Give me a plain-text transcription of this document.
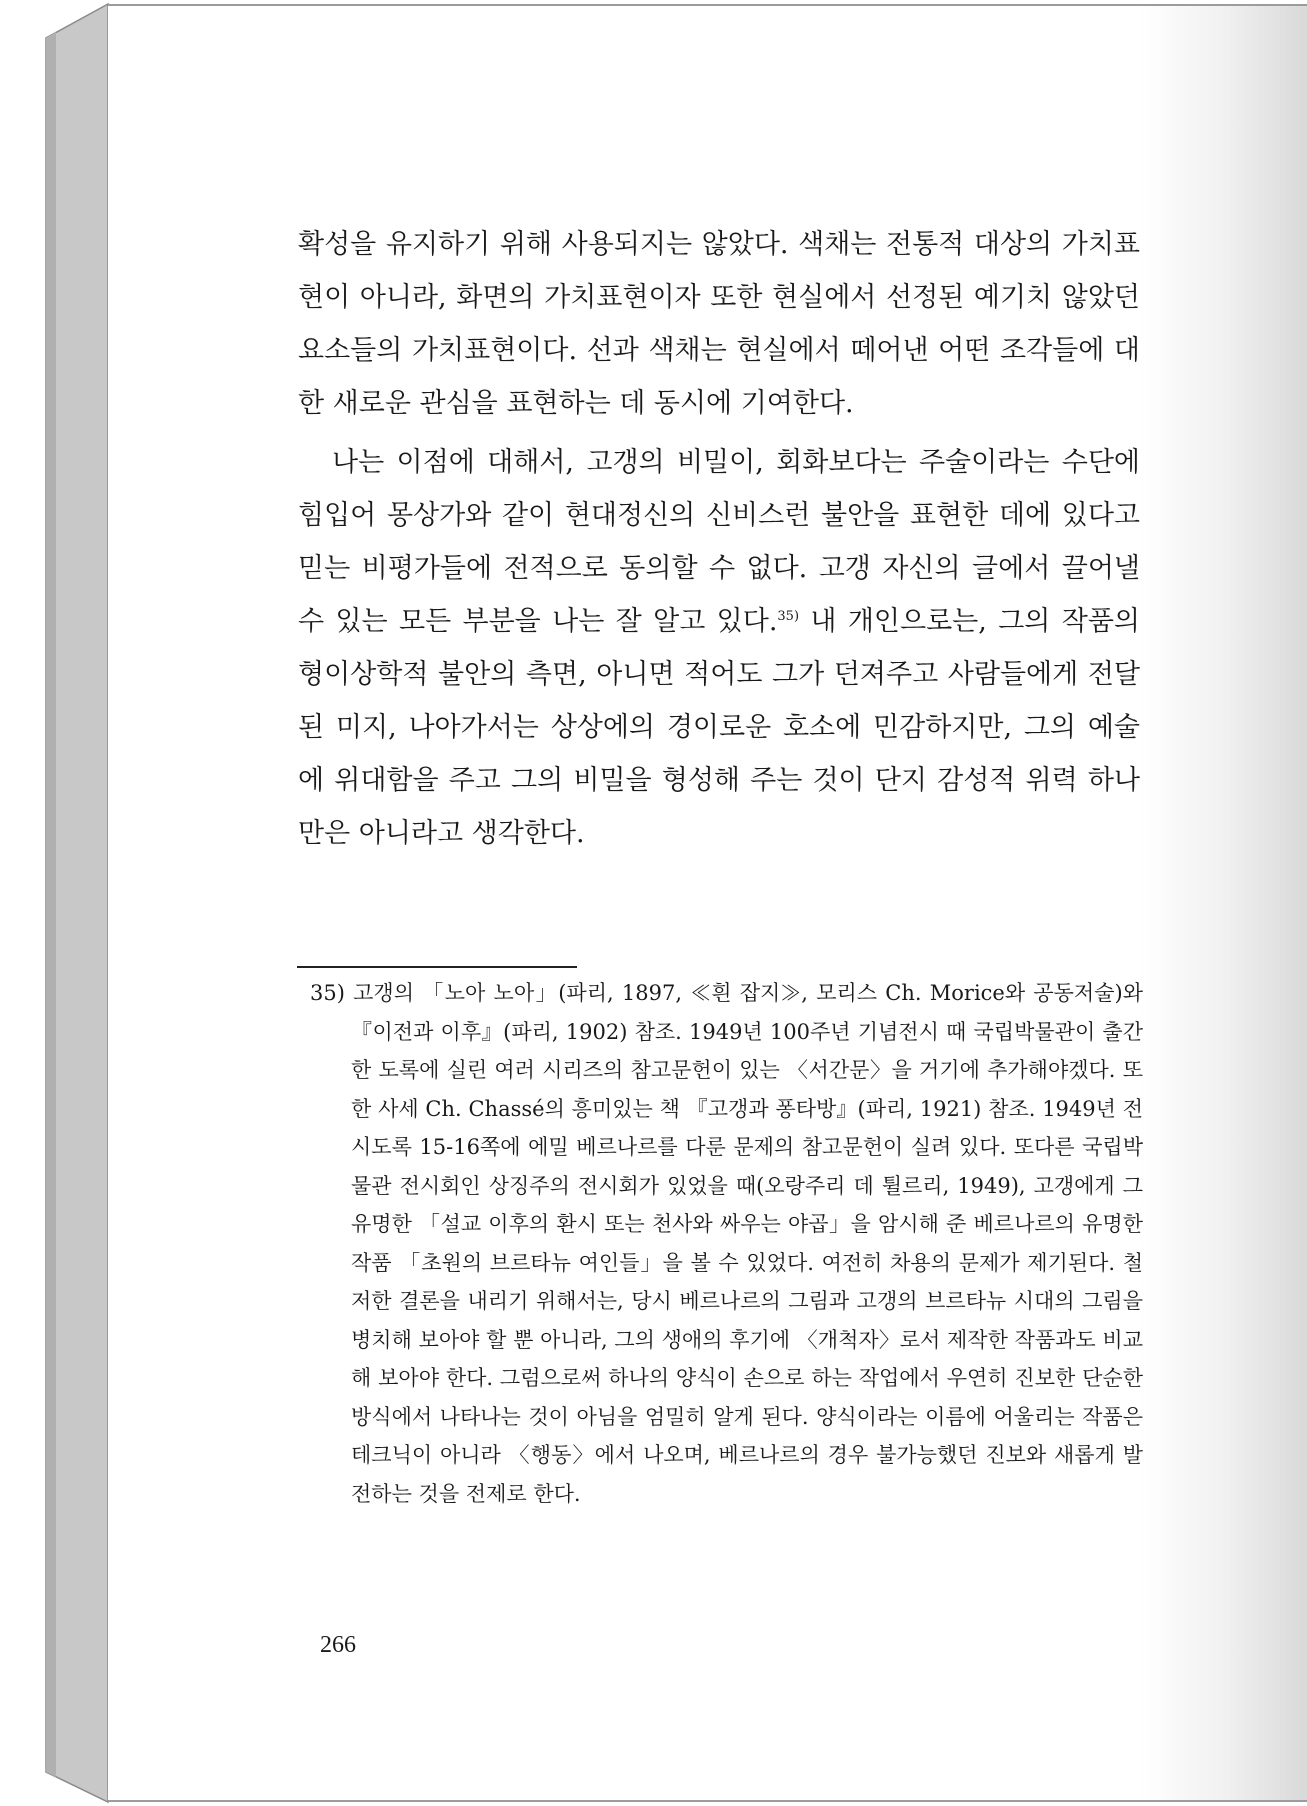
확성을 유지하기 위해 사용되지는 않았다. 색채는 전통적 대상의 가치표현이 아니라, 화면의 가치표현이자 또한 현실에서 선정된 예기치 않았던 요소들의 가치표현이다. 선과 색채는 현실에서 떼어낸 어떤 조각들에 대한 새로운 관심을 표현하는 데 동시에 기여한다.

나는 이점에 대해서, 고갱의 비밀이, 회화보다는 주술이라는 수단에 힘입어 몽상가와 같이 현대정신의 신비스런 불안을 표현한 데에 있다고 믿는 비평가들에 전적으로 동의할 수 없다. 고갱 자신의 글에서 끌어낼 수 있는 모든 부분을 나는 잘 알고 있다.$^{35)}$ 내 개인으로는, 그의 작품의 형이상학적 불안의 측면, 아니면 적어도 그가 던져주고 사람들에게 전달된 미지, 나아가서는 상상에의 경이로운 호소에 민감하지만, 그의 예술에 위대함을 주고 그의 비밀을 형성해 주는 것이 단지 감성적 위력 하나만은 아니라고 생각한다.

35) 고갱의 「노아 노아」(파리, 1897, ≪흰 잡지≫, 모리스 Ch. Morice와 공동저술)와 『이전과 이후』(파리, 1902) 참조. 1949년 100주년 기념전시 때 국립박물관이 출간한 도록에 실린 여러 시리즈의 참고문헌이 있는 〈서간문〉을 거기에 추가해야겠다. 또한 사세 Ch. Chassé의 흥미있는 책 『고갱과 퐁타방』(파리, 1921) 참조. 1949년 전시도록 15-16쪽에 에밀 베르나르를 다룬 문제의 참고문헌이 실려 있다. 또다른 국립박물관 전시회인 상징주의 전시회가 있었을 때(오랑주리 데 튈르리, 1949), 고갱에게 그 유명한 「설교 이후의 환시 또는 천사와 싸우는 야곱」을 암시해 준 베르나르의 유명한 작품 「초원의 브르타뉴 여인들」을 볼 수 있었다. 여전히 차용의 문제가 제기된다. 철저한 결론을 내리기 위해서는, 당시 베르나르의 그림과 고갱의 브르타뉴 시대의 그림을 병치해 보아야 할 뿐 아니라, 그의 생애의 후기에 〈개척자〉로서 제작한 작품과도 비교해 보아야 한다. 그럼으로써 하나의 양식이 손으로 하는 작업에서 우연히 진보한 단순한 방식에서 나타나는 것이 아님을 엄밀히 알게 된다. 양식이라는 이름에 어울리는 작품은 테크닉이 아니라 〈행동〉에서 나오며, 베르나르의 경우 불가능했던 진보와 새롭게 발전하는 것을 전제로 한다.
266
